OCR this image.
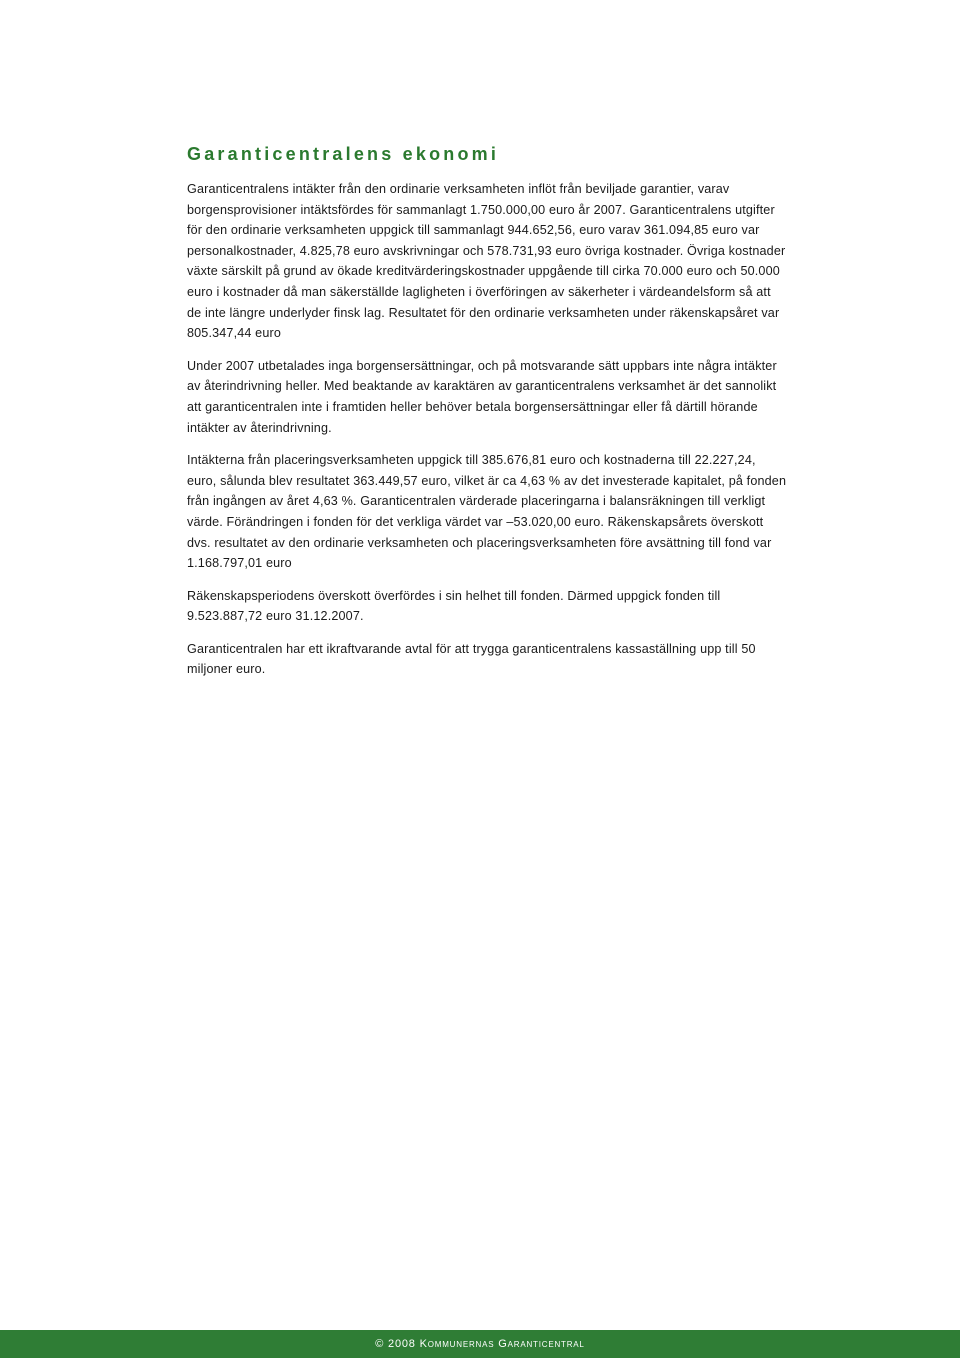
Garanticentralens ekonomi

Garanticentralens intäkter från den ordinarie verksamheten inflöt från beviljade garantier, varav borgensprovisioner intäktsfördes för sammanlagt 1.750.000,00 euro år 2007. Garanticentralens utgifter för den ordinarie verksamheten uppgick till sammanlagt 944.652,56, euro varav 361.094,85 euro var personalkostnader, 4.825,78 euro avskrivningar och 578.731,93 euro övriga kostnader. Övriga kostnader växte särskilt på grund av ökade kreditvärderingskostnader uppgående till cirka 70.000 euro och 50.000 euro i kostnader då man säkerställde lagligheten i överföringen av säkerheter i värdeandelsform så att de inte längre underlyder finsk lag. Resultatet för den ordinarie verksamheten under räkenskapsåret var 805.347,44 euro

Under 2007 utbetalades inga borgensersättningar, och på motsvarande sätt uppbars inte några intäkter av återindrivning heller. Med beaktande av karaktären av garanticentralens verksamhet är det sannolikt att garanticentralen inte i framtiden heller behöver betala borgensersättningar eller få därtill hörande intäkter av återindrivning.

Intäkterna från placeringsverksamheten uppgick till 385.676,81 euro och kostnaderna till 22.227,24, euro, sålunda blev resultatet 363.449,57 euro, vilket är ca 4,63 % av det investerade kapitalet, på fonden från ingången av året 4,63 %. Garanticentralen värderade placeringarna i balansräkningen till verkligt värde. Förändringen i fonden för det verkliga värdet var –53.020,00 euro. Räkenskapsårets överskott dvs. resultatet av den ordinarie verksamheten och placeringsverksamheten före avsättning till fond var 1.168.797,01 euro

Räkenskapsperiodens överskott överfördes i sin helhet till fonden. Därmed uppgick fonden till 9.523.887,72 euro 31.12.2007.

Garanticentralen har ett ikraftvarande avtal för att trygga garanticentralens kassaställning upp till 50 miljoner euro.

© 2008 Kommunernas Garanticentral
